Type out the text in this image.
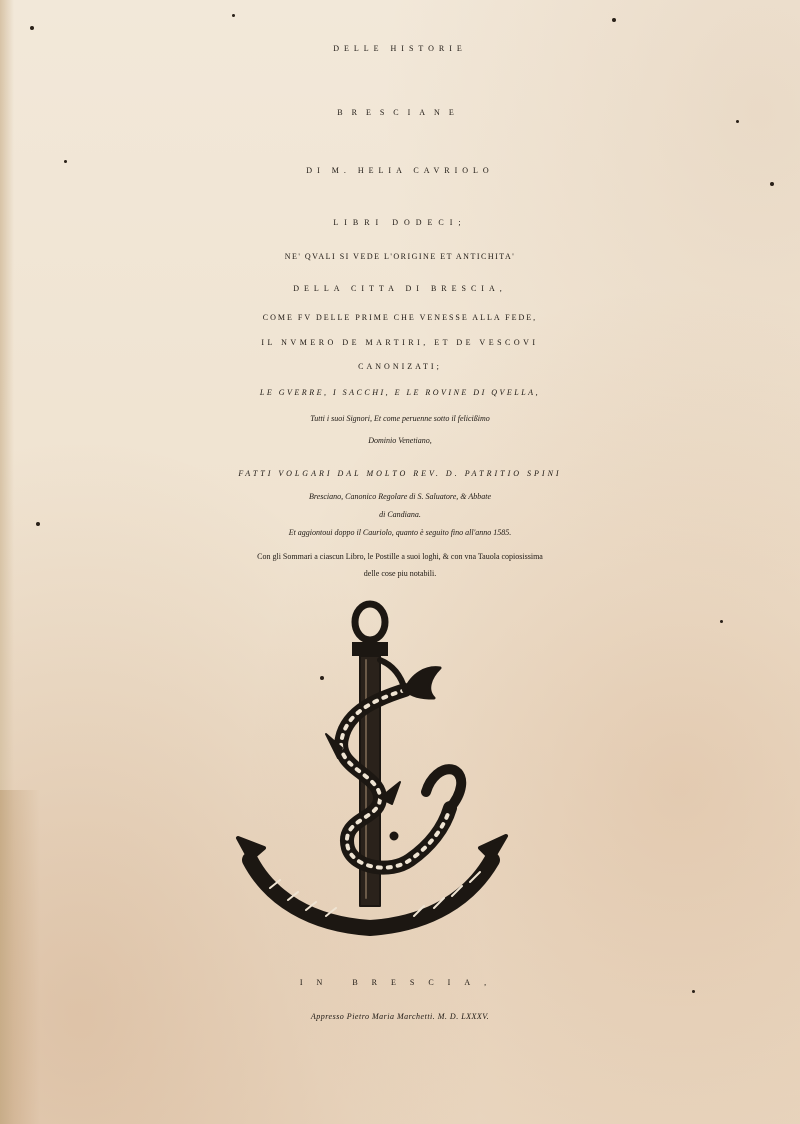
DELLE HISTORIE
BRESCIANE
DI M. HELIA CAVRIOLO
LIBRI DODECI;
NE' QVALI SI VEDE L'ORIGINE ET ANTICHITA'
DELLA CITTA DI BRESCIA,
COME FV DELLE PRIME CHE VENESSE ALLA FEDE,
IL NVMERO DE MARTIRI, ET DE VESCOVI
CANONIZATI;
LE GVERRE, I SACCHI, E LE ROVINE DI QVELLA,
Tutti i suoi Signori, Et come peruenne sotto il felicißimo
Dominio Venetiano,
FATTI VOLGARI DAL MOLTO REV. D. PATRITIO SPINI
Bresciano, Canonico Regolare di S. Saluatore, & Abbate
di Candiana.
Et aggiontoui doppo il Cauriolo, quanto è seguito fino all'anno 1585.
Con gli Sommari a ciascun Libro, le Postille a suoi loghi, & con vna Tauola copiosissima
delle cose piu notabili.
IN BRESCIA,
Appresso Pietro Maria Marchetti. M. D. LXXXV.
